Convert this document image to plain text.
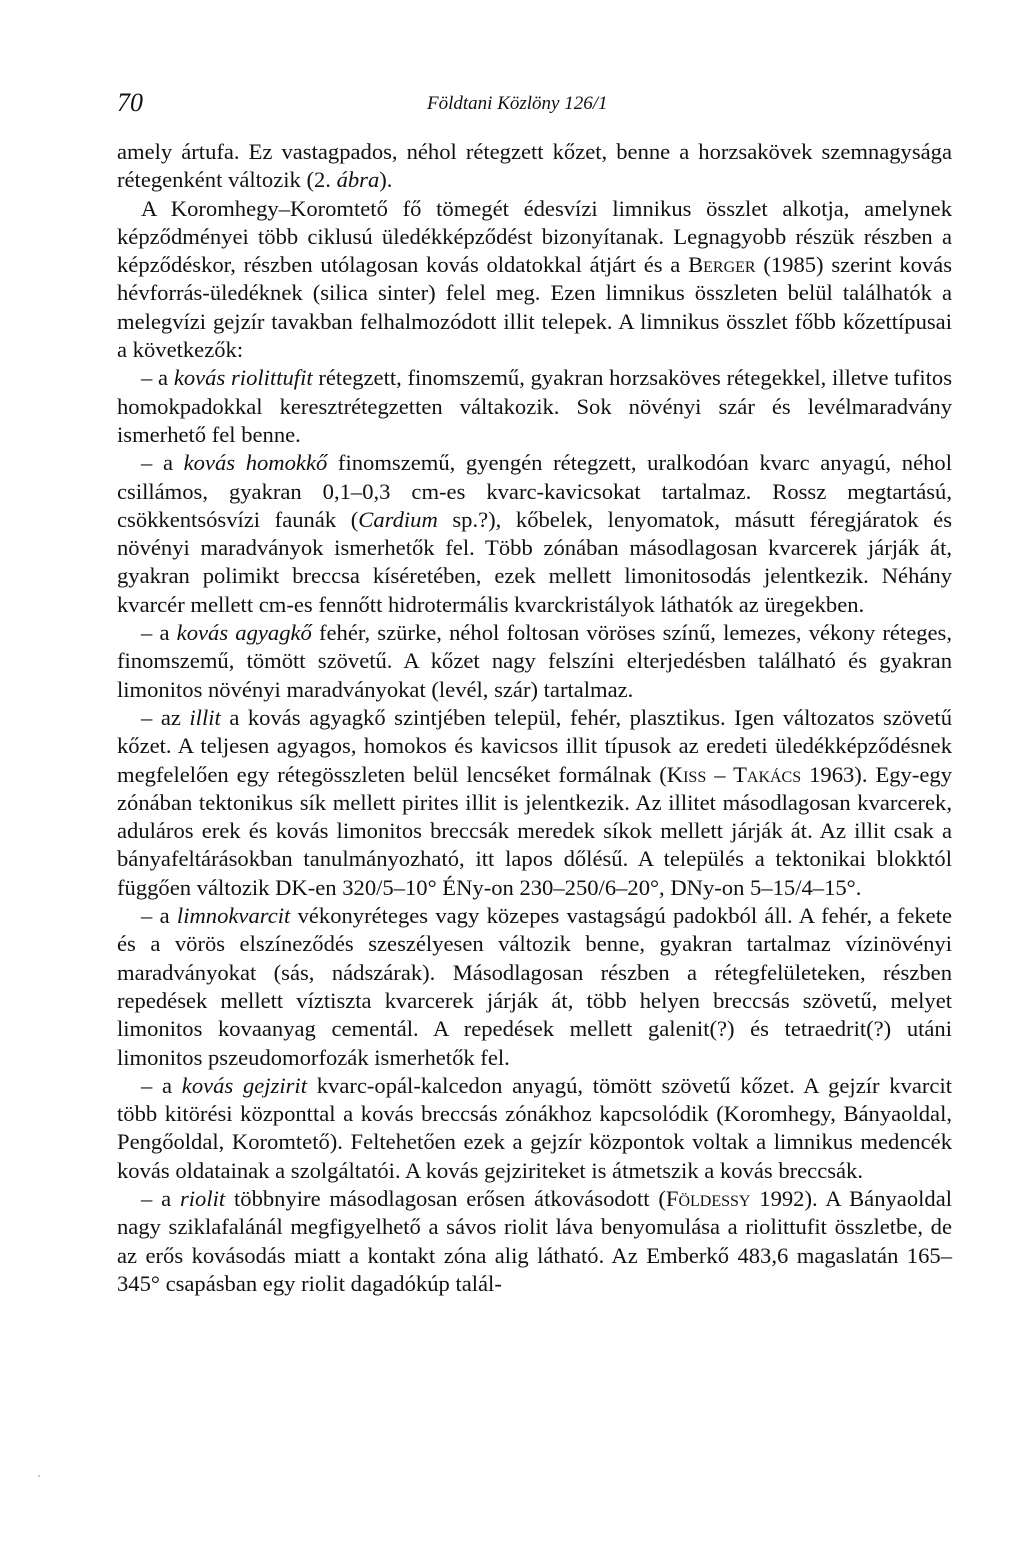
70	Földtani Közlöny 126/1

amely ártufa. Ez vastagpados, néhol rétegzett kőzet, benne a horzsakövek szemnagysága rétegenként változik (2. ábra).

A Koromhegy–Koromtető fő tömegét édesvízi limnikus összlet alkotja, amelynek képződményei több ciklusú üledékképződést bizonyítanak. Legnagyobb részük részben a képződéskor, részben utólagosan kovás oldatokkal átjárt és a Berger (1985) szerint kovás hévforrás-üledéknek (silica sinter) felel meg. Ezen limnikus összleten belül találhatók a melegvízi gejzír tavakban felhalmozódott illit telepek. A limnikus összlet főbb kőzettípusai a következők:

– a kovás riolittufit rétegzett, finomszemű, gyakran horzsaköves rétegekkel, illetve tufitos homokpadokkal keresztrétegzetten váltakozik. Sok növényi szár és levélmaradvány ismerhető fel benne.

– a kovás homokkő finomszemű, gyengén rétegzett, uralkodóan kvarc anyagú, néhol csillámos, gyakran 0,1–0,3 cm-es kvarc-kavicsokat tartalmaz. Rossz megtartású, csökkentsósvízi faunák (Cardium sp.?), kőbelek, lenyomatok, másutt féregjáratok és növényi maradványok ismerhetők fel. Több zónában másodlagosan kvarcerek járják át, gyakran polimikt breccsa kíséretében, ezek mellett limonitosodás jelentkezik. Néhány kvarcér mellett cm-es fennőtt hidrotermális kvarckristályok láthatók az üregekben.

– a kovás agyagkő fehér, szürke, néhol foltosan vöröses színű, lemezes, vékony réteges, finomszemű, tömött szövetű. A kőzet nagy felszíni elterjedésben található és gyakran limonitos növényi maradványokat (levél, szár) tartalmaz.

– az illit a kovás agyagkő szintjében települ, fehér, plasztikus. Igen változatos szövetű kőzet. A teljesen agyagos, homokos és kavicsos illit típusok az eredeti üledékképződésnek megfelelően egy rétegösszleten belül lencséket formálnak (Kiss – Takács 1963). Egy-egy zónában tektonikus sík mellett pirites illit is jelentkezik. Az illitet másodlagosan kvarcerek, aduláros erek és kovás limonitos breccsák meredek síkok mellett járják át. Az illit csak a bányafeltárásokban tanulmányozható, itt lapos dőlésű. A település a tektonikai blokktól függően változik DK-en 320/5–10° ÉNy-on 230–250/6–20°, DNy-on 5–15/4–15°.

– a limnokvarcit vékonyréteges vagy közepes vastagságú padokból áll. A fehér, a fekete és a vörös elszíneződés szeszélyesen változik benne, gyakran tartalmaz vízinövényi maradványokat (sás, nádszárak). Másodlagosan részben a rétegfelületeken, részben repedések mellett víztiszta kvarcerek járják át, több helyen breccsás szövetű, melyet limonitos kovaanyag cementál. A repedések mellett galenit(?) és tetraedrit(?) utáni limonitos pszeudomorfozák ismerhetők fel.

– a kovás gejzirit kvarc-opál-kalcedon anyagú, tömött szövetű kőzet. A gejzír kvarcit több kitörési központtal a kovás breccsás zónákhoz kapcsolódik (Koromhegy, Bányaoldal, Pengőoldal, Koromtető). Feltehetően ezek a gejzír központok voltak a limnikus medencék kovás oldatainak a szolgáltatói. A kovás gejziriteket is átmetszik a kovás breccsák.

– a riolit többnyire másodlagosan erősen átkovásodott (Földessy 1992). A Bányaoldal nagy sziklafalánál megfigyelhető a sávos riolit láva benyomulása a riolittufit összletbe, de az erős kovásodás miatt a kontakt zóna alig látható. Az Emberkő 483,6 magaslatán 165–345° csapásban egy riolit dagadókúp talál-
